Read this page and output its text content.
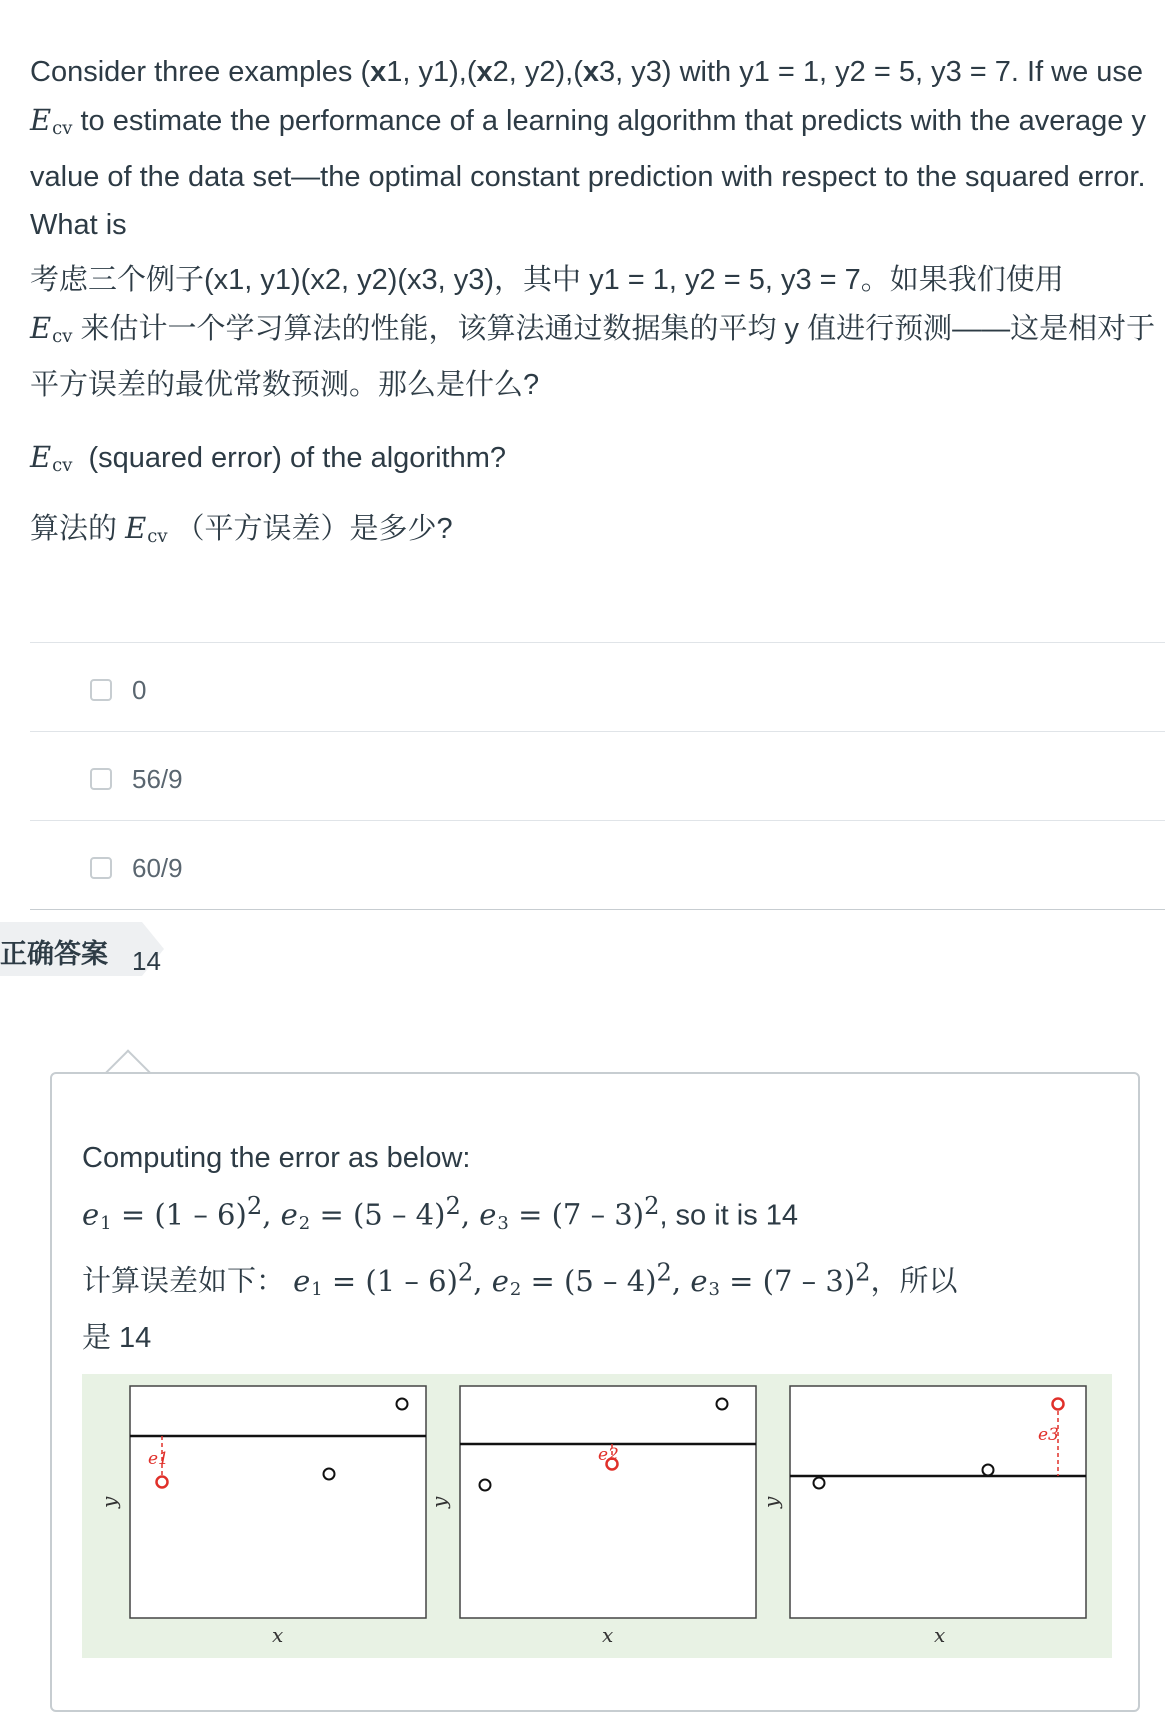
Consider three examples (x1, y1),(x2, y2),(x3, y3) with y1 = 1, y2 = 5, y3 = 7. If we use $E_{cv}$ to estimate the performance of a learning algorithm that predicts with the average y value of the data set—the optimal constant prediction with respect to the squared error. What is
考虑三个例子(x1, y1)(x2, y2)(x3, y3)，其中 y1 = 1, y2 = 5, y3 = 7。如果我们使用
$E_{cv}$ 来估计一个学习算法的性能，该算法通过数据集的平均 y 值进行预测——这是相对于平方误差的最优常数预测。那么是什么?
$E_{cv}$ (squared error) of the algorithm?
算法的 $E_{cv}$ （平方误差）是多少?
0
56/9
60/9
正确答案 14
Computing the error as below:
$e_1 = (1 - 6)^2$, $e_2 = (5 - 4)^2$, $e_3 = (7 - 3)^2$, so it is 14
计算误差如下： $e_1 = (1 - 6)^2$, $e_2 = (5 - 4)^2$, $e_3 = (7 - 3)^2$，所以
是 14
e1
y
x
e2
y
x
e3
y
x
